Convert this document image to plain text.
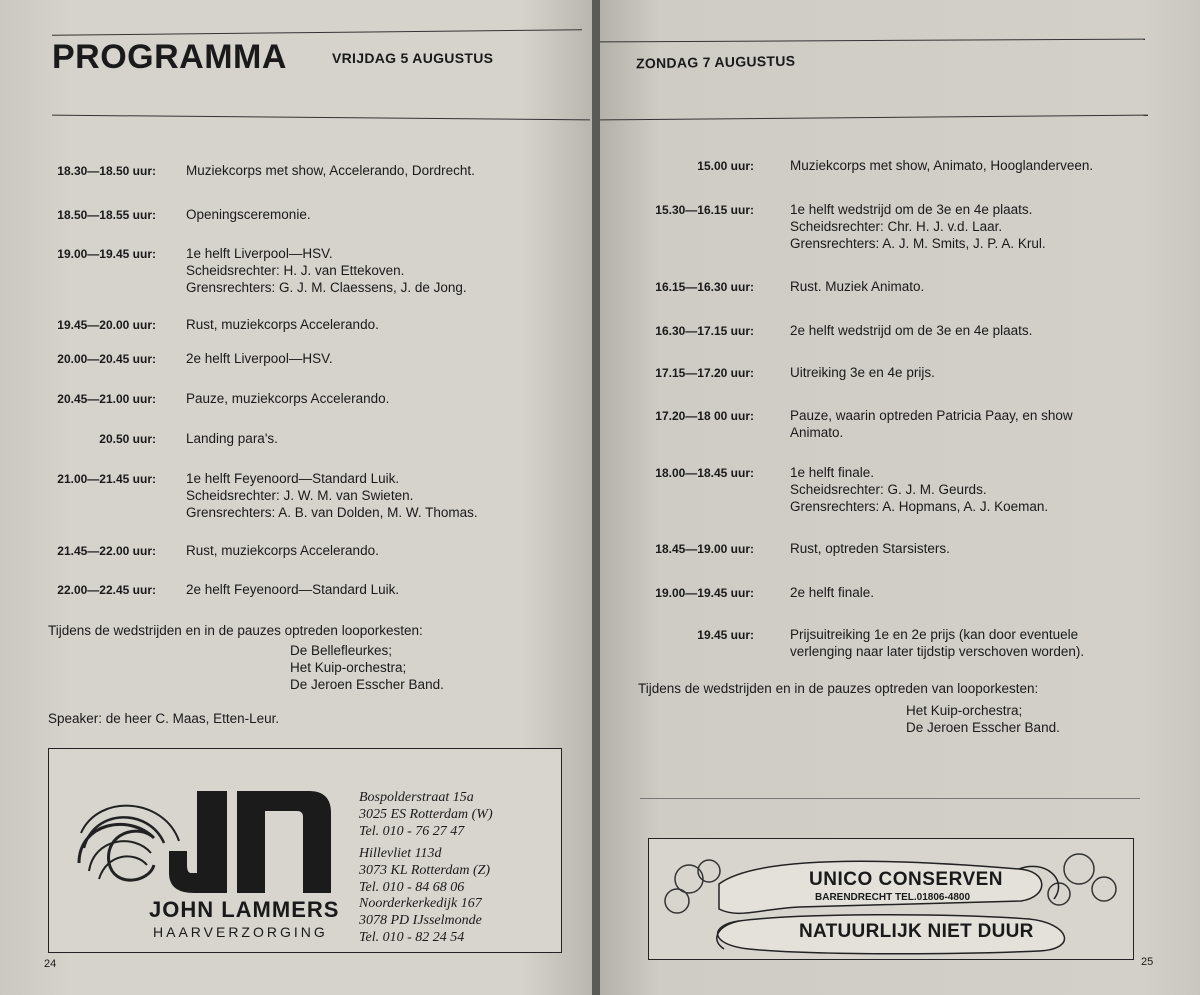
PROGRAMMA	VRIJDAG 5 AUGUSTUS
18.30—18.50 uur: Muziekcorps met show, Accelerando, Dordrecht.
18.50—18.55 uur: Openingsceremonie.
19.00—19.45 uur: 1e helft Liverpool—HSV.
Scheidsrechter: H. J. van Ettekoven.
Grensrechters: G. J. M. Claessens, J. de Jong.
19.45—20.00 uur: Rust, muziekcorps Accelerando.
20.00—20.45 uur: 2e helft Liverpool—HSV.
20.45—21.00 uur: Pauze, muziekcorps Accelerando.
20.50 uur: Landing para's.
21.00—21.45 uur: 1e helft Feyenoord—Standard Luik.
Scheidsrechter: J. W. M. van Swieten.
Grensrechters: A. B. van Dolden, M. W. Thomas.
21.45—22.00 uur: Rust, muziekcorps Accelerando.
22.00—22.45 uur: 2e helft Feyenoord—Standard Luik.
Tijdens de wedstrijden en in de pauzes optreden looporkesten:
De Bellefleurkes;
Het Kuip-orchestra;
De Jeroen Esscher Band.
Speaker: de heer C. Maas, Etten-Leur.
JOHN LAMMERS
HAARVERZORGING
Bospolderstraat 15a
3025 ES Rotterdam (W)
Tel. 010 - 76 27 47
Hillevliet 113d
3073 KL Rotterdam (Z)
Tel. 010 - 84 68 06
Noorderkerkedijk 167
3078 PD IJsselmonde
Tel. 010 - 82 24 54
24
ZONDAG 7 AUGUSTUS
15.00 uur:	Muziekcorps met show, Animato, Hooglanderveen.
15.30—16.15 uur:	1e helft wedstrijd om de 3e en 4e plaats.
Scheidsrechter: Chr. H. J. v.d. Laar.
Grensrechters: A. J. M. Smits, J. P. A. Krul.
16.15—16.30 uur:	Rust. Muziek Animato.
16.30—17.15 uur:	2e helft wedstrijd om de 3e en 4e plaats.
17.15—17.20 uur:	Uitreiking 3e en 4e prijs.
17.20—18 00 uur:	Pauze, waarin optreden Patricia Paay, en show
Animato.
18.00—18.45 uur:	1e helft finale.
Scheidsrechter: G. J. M. Geurds.
Grensrechters: A. Hopmans, A. J. Koeman.
18.45—19.00 uur:	Rust, optreden Starsisters.
19.00—19.45 uur:	2e helft finale.
19.45 uur:	Prijsuitreiking 1e en 2e prijs (kan door eventuele
verlenging naar later tijdstip verschoven worden).
Tijdens de wedstrijden en in de pauzes optreden van looporkesten:
Het Kuip-orchestra;
De Jeroen Esscher Band.
UNICO CONSERVEN
BARENDRECHT TEL.01806-4800
NATUURLIJK NIET DUUR
25
